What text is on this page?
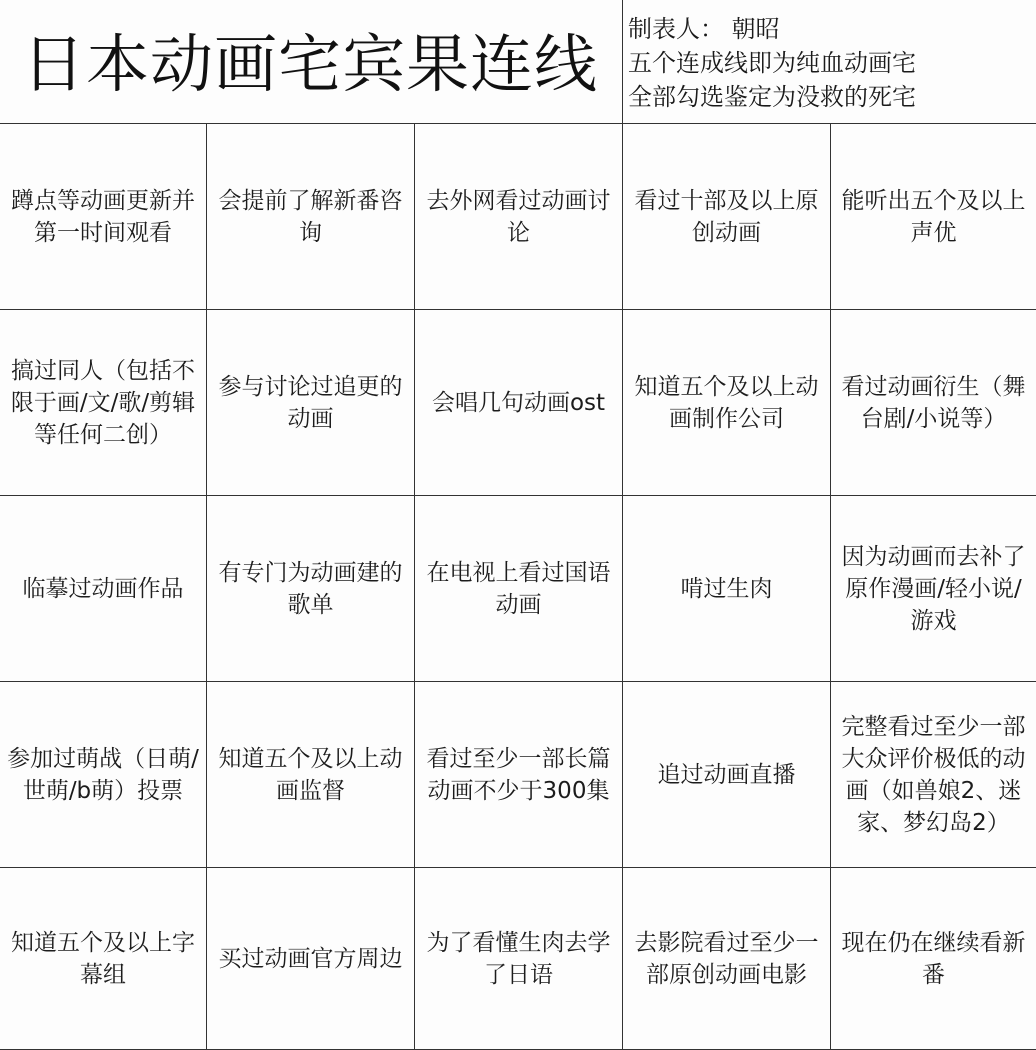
日本动画宅宾果连线	制表人： 朝昭
五个连成线即为纯血动画宅
全部勾选鉴定为没救的死宅
蹲点等动画更新并第一时间观看
会提前了解新番咨询
去外网看过动画讨论
看过十部及以上原创动画
能听出五个及以上声优
搞过同人（包括不限于画/文/歌/剪辑等任何二创）
参与讨论过追更的动画
会唱几句动画ost
知道五个及以上动画制作公司
看过动画衍生（舞台剧/小说等）
临摹过动画作品
有专门为动画建的歌单
在电视上看过国语动画
啃过生肉
因为动画而去补了原作漫画/轻小说/游戏
参加过萌战（日萌/世萌/b萌）投票
知道五个及以上动画监督
看过至少一部长篇动画不少于300集
追过动画直播
完整看过至少一部大众评价极低的动画（如兽娘2、迷家、梦幻岛2）
知道五个及以上字幕组
买过动画官方周边
为了看懂生肉去学了日语
去影院看过至少一部原创动画电影
现在仍在继续看新番
